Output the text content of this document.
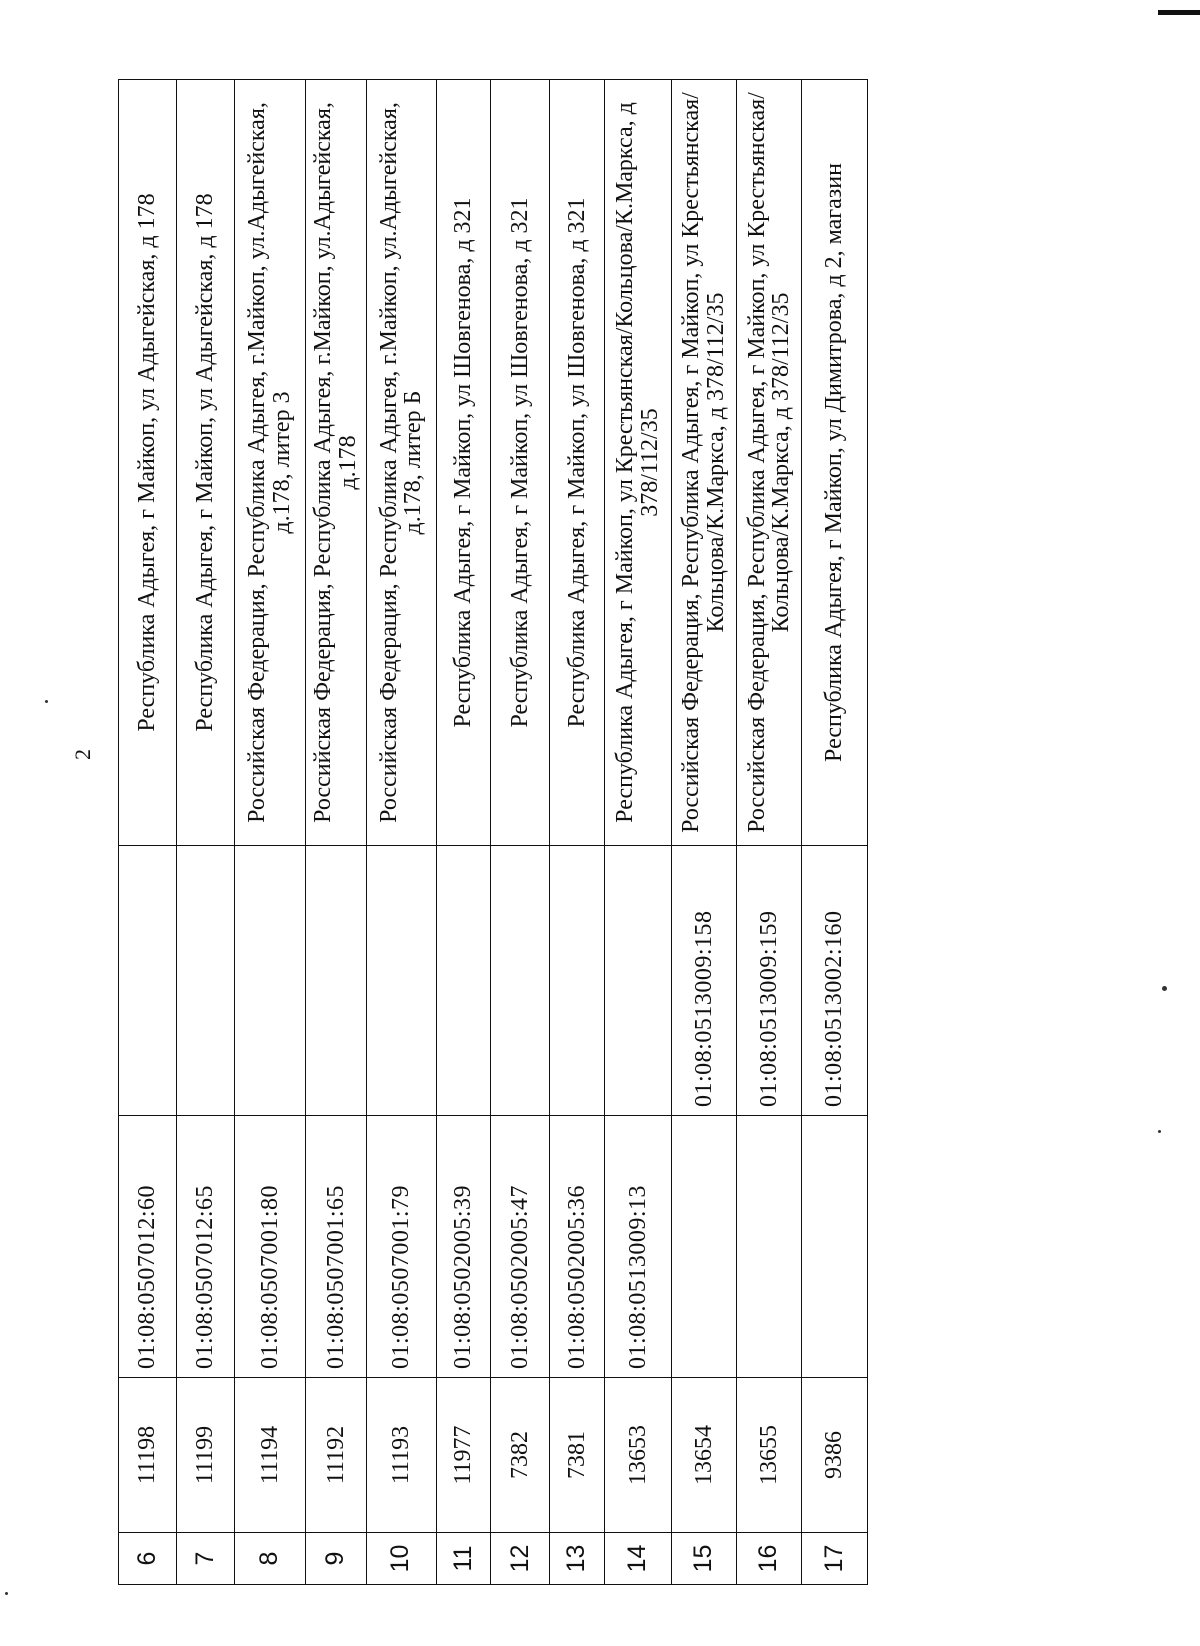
2
6	11198	01:08:0507012:60		Республика Адыгея, г Майкоп, ул Адыгейская, д 178
7	11199	01:08:0507012:65		Республика Адыгея, г Майкоп, ул Адыгейская, д 178
8	11194	01:08:0507001:80		Российская Федерация, Республика Адыгея, г.Майкоп, ул.Адыгейская, д.178, литер 3
9	11192	01:08:0507001:65		Российская Федерация, Республика Адыгея, г.Майкоп, ул.Адыгейская, д.178
10	11193	01:08:0507001:79		Российская Федерация, Республика Адыгея, г.Майкоп, ул.Адыгейская, д.178, литер Б
11	11977	01:08:0502005:39		Республика Адыгея, г Майкоп, ул Шовгенова, д 321
12	7382	01:08:0502005:47		Республика Адыгея, г Майкоп, ул Шовгенова, д 321
13	7381	01:08:0502005:36		Республика Адыгея, г Майкоп, ул Шовгенова, д 321
14	13653	01:08:0513009:13		Республика Адыгея, г Майкоп, ул Крестьянская/Кольцова/К.Маркса, д 378/112/35
15	13654		01:08:0513009:158	Российская Федерация, Республика Адыгея, г Майкоп, ул Крестьянская/Кольцова/К.Маркса, д 378/112/35
16	13655		01:08:0513009:159	Российская Федерация, Республика Адыгея, г Майкоп, ул Крестьянская/Кольцова/К.Маркса, д 378/112/35
17	9386		01:08:0513002:160	Республика Адыгея, г Майкоп, ул Димитрова, д 2, магазин
